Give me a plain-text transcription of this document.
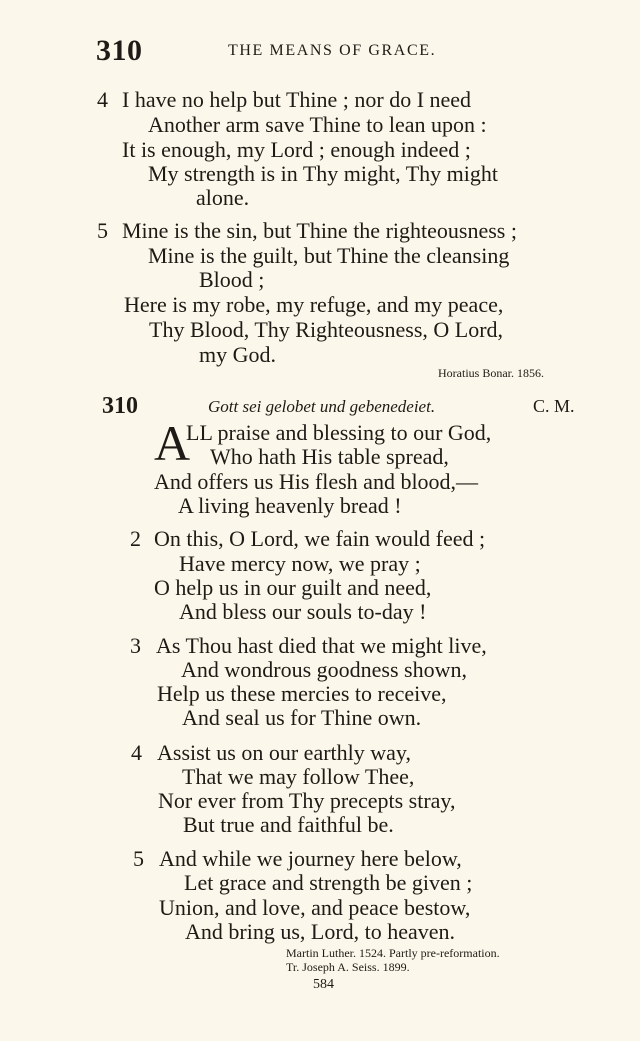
310	THE MEANS OF GRACE.
4 I have no help but Thine ; nor do I need
Another arm save Thine to lean upon :
It is enough, my Lord ; enough indeed ;
My strength is in Thy might, Thy might
alone.
5 Mine is the sin, but Thine the righteousness ;
Mine is the guilt, but Thine the cleansing
Blood ;
Here is my robe, my refuge, and my peace,
Thy Blood, Thy Righteousness, O Lord,
my God.
Horatius Bonar. 1856.
310	Gott sei gelobet und gebenedeiet.	C. M.
A
LL praise and blessing to our God,
Who hath His table spread,
And offers us His flesh and blood,—
A living heavenly bread !
2 On this, O Lord, we fain would feed ;
Have mercy now, we pray ;
O help us in our guilt and need,
And bless our souls to-day !
3 As Thou hast died that we might live,
And wondrous goodness shown,
Help us these mercies to receive,
And seal us for Thine own.
4 Assist us on our earthly way,
That we may follow Thee,
Nor ever from Thy precepts stray,
But true and faithful be.
5 And while we journey here below,
Let grace and strength be given ;
Union, and love, and peace bestow,
And bring us, Lord, to heaven.
Martin Luther. 1524. Partly pre-reformation.
Tr. Joseph A. Seiss. 1899.
584
